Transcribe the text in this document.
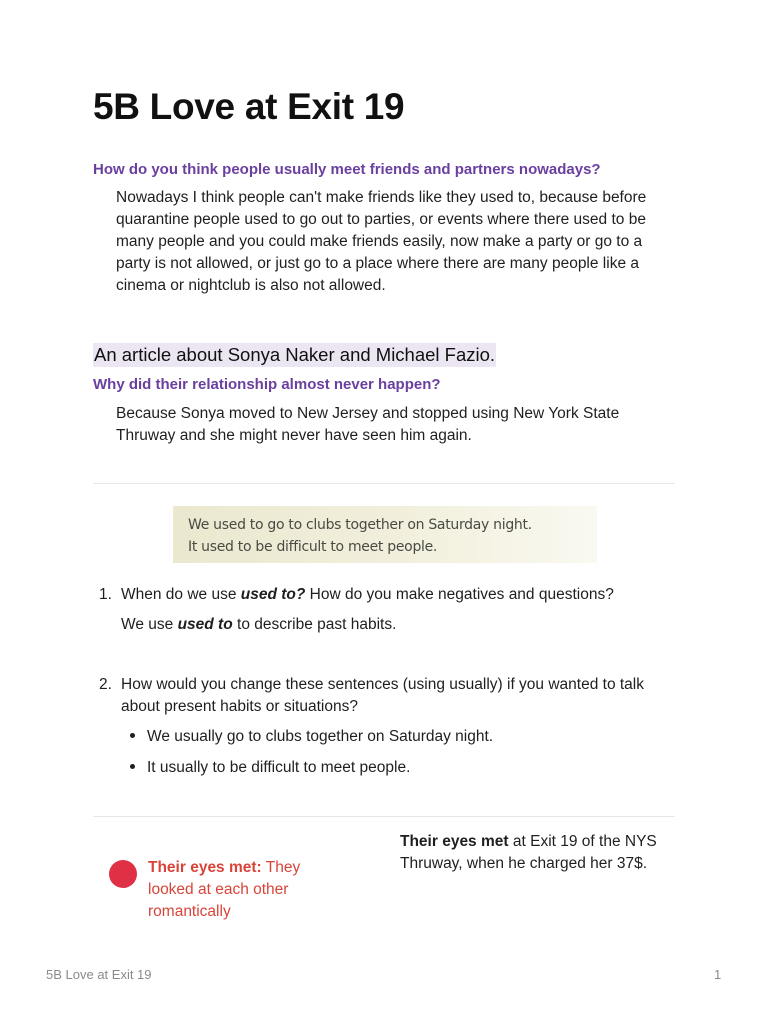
5B Love at Exit 19

How do you think people usually meet friends and partners nowadays?

Nowadays I think people can't make friends like they used to, because before quarantine people used to go out to parties, or events where there used to be many people and you could make friends easily, now make a party or go to a party is not allowed, or just go to a place where there are many people like a cinema or nightclub is also not allowed.

An article about Sonya Naker and Michael Fazio.

Why did their relationship almost never happen?

Because Sonya moved to New Jersey and stopped using New York State Thruway and she might never have seen him again.

We used to go to clubs together on Saturday night.
It used to be difficult to meet people.
1. When do we use used to? How do you make negatives and questions?
We use used to to describe past habits.
2. How would you change these sentences (using usually) if you wanted to talk about present habits or situations?
We usually go to clubs together on Saturday night.
It usually to be difficult to meet people.
Their eyes met: They looked at each other romantically
Their eyes met at Exit 19 of the NYS Thruway, when he charged her 37$.
5B Love at Exit 19	1
